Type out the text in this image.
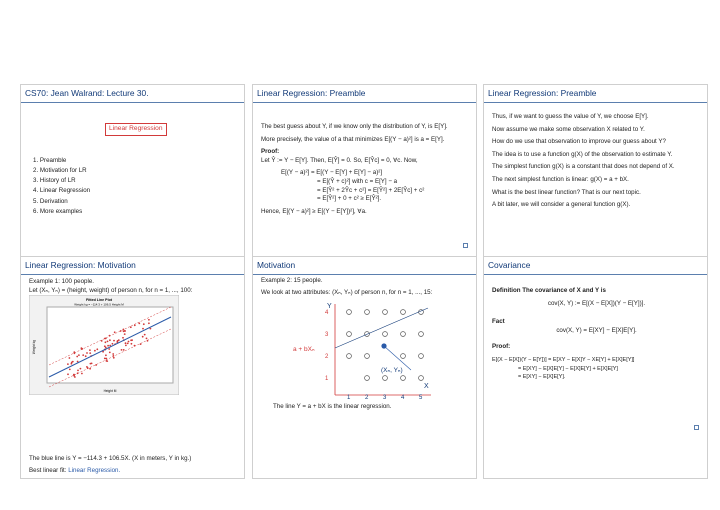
CS70: Jean Walrand: Lecture 30.
Linear Regression
1. Preamble
2. Motivation for LR
3. History of LR
4. Linear Regression
5. Derivation
6. More examples
Linear Regression: Preamble
The best guess about Y, if we know only the distribution of Y, is E[Y].
More precisely, the value of a that minimizes E[(Y − a)²] is a = E[Y].
Proof:
Let Ŷ := Y − E[Y]. Then, E[Ŷ] = 0. So, E[Ŷc] = 0, ∀c. Now,
E[(Y − a)²] = E[(Y − E[Y] + E[Y] − a)²]
= E[(Ŷ + c)²] with c = E[Y] − a
= E[Ŷ² + 2Ŷc + c²] = E[Ŷ²] + 2E[Ŷc] + c²
= E[Ŷ²] + 0 + c² ≥ E[Ŷ²].
Hence, E[(Y − a)²] ≥ E[(Y − E[Y])²], ∀a.
Linear Regression: Preamble
Thus, if we want to guess the value of Y, we choose E[Y].
Now assume we make some observation X related to Y.
How do we use that observation to improve our guess about Y?
The idea is to use a function g(X) of the observation to estimate Y.
The simplest function g(X) is a constant that does not depend of X.
The next simplest function is linear: g(X) = a + bX.
What is the best linear function? That is our next topic.
A bit later, we will consider a general function g(X).
Linear Regression: Motivation
Example 1: 100 people.
Let (Xₙ, Yₙ) = (height, weight) of person n, for n = 1, ..., 100:
Fitted Line Plot
Weight kg = −114.3 + 106.5 Height M
Weight kg
Height M
The blue line is Y = −114.3 + 106.5X. (X in meters, Y in kg.)
Best linear fit: Linear Regression.
Motivation
Example 2: 15 people.
We look at two attributes: (Xₙ, Yₙ) of person n, for n = 1, ..., 15:
Y
X
4
3
2
1
1 2 3 4 5
a + bXₙ
(Xₙ, Yₙ)
The line Y = a + bX is the linear regression.
Covariance
Definition The covariance of X and Y is
cov(X, Y) := E[(X − E[X])(Y − E[Y])].
Fact
cov(X, Y) = E[XY] − E[X]E[Y].
Proof:
E[(X − E[X])(Y − E[Y])] = E[XY − E[X]Y − XE[Y] + E[X]E[Y]]
= E[XY] − E[X]E[Y] − E[X]E[Y] + E[X]E[Y]
= E[XY] − E[X]E[Y].
